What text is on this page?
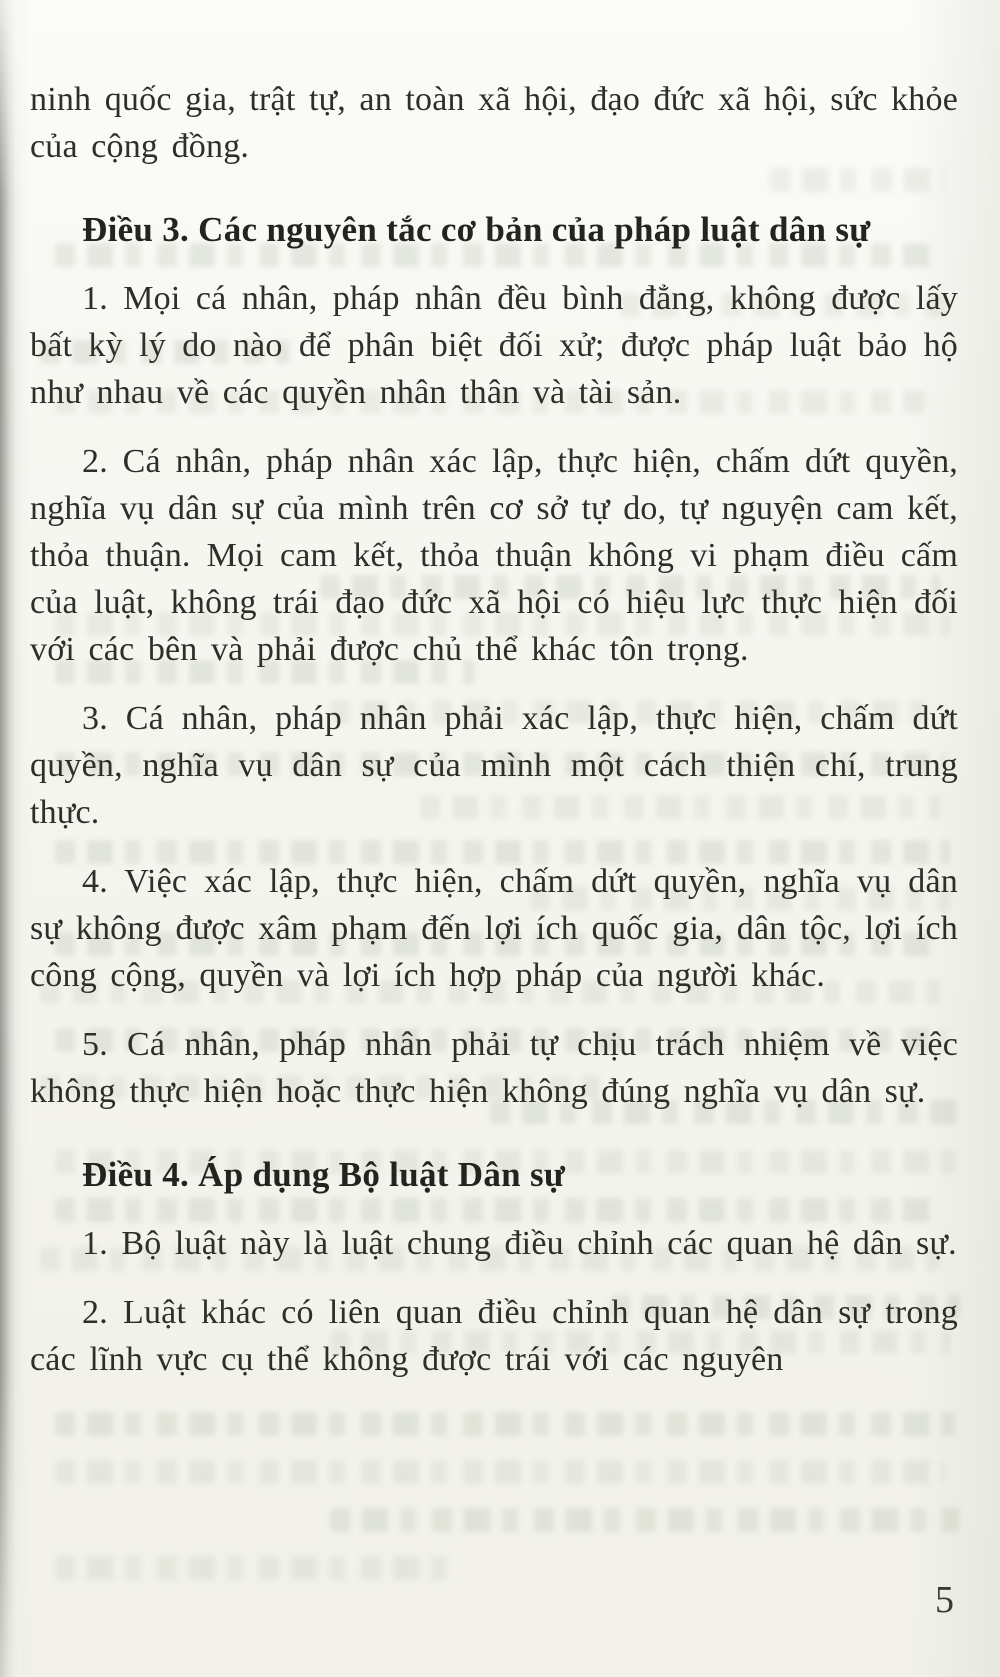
ninh quốc gia, trật tự, an toàn xã hội, đạo đức xã hội, sức khỏe của cộng đồng.

Điều 3. Các nguyên tắc cơ bản của pháp luật dân sự

1. Mọi cá nhân, pháp nhân đều bình đẳng, không được lấy bất kỳ lý do nào để phân biệt đối xử; được pháp luật bảo hộ như nhau về các quyền nhân thân và tài sản.

2. Cá nhân, pháp nhân xác lập, thực hiện, chấm dứt quyền, nghĩa vụ dân sự của mình trên cơ sở tự do, tự nguyện cam kết, thỏa thuận. Mọi cam kết, thỏa thuận không vi phạm điều cấm của luật, không trái đạo đức xã hội có hiệu lực thực hiện đối với các bên và phải được chủ thể khác tôn trọng.

3. Cá nhân, pháp nhân phải xác lập, thực hiện, chấm dứt quyền, nghĩa vụ dân sự của mình một cách thiện chí, trung thực.

4. Việc xác lập, thực hiện, chấm dứt quyền, nghĩa vụ dân sự không được xâm phạm đến lợi ích quốc gia, dân tộc, lợi ích công cộng, quyền và lợi ích hợp pháp của người khác.

5. Cá nhân, pháp nhân phải tự chịu trách nhiệm về việc không thực hiện hoặc thực hiện không đúng nghĩa vụ dân sự.

Điều 4. Áp dụng Bộ luật Dân sự

1. Bộ luật này là luật chung điều chỉnh các quan hệ dân sự.

2. Luật khác có liên quan điều chỉnh quan hệ dân sự trong các lĩnh vực cụ thể không được trái với các nguyên

5
